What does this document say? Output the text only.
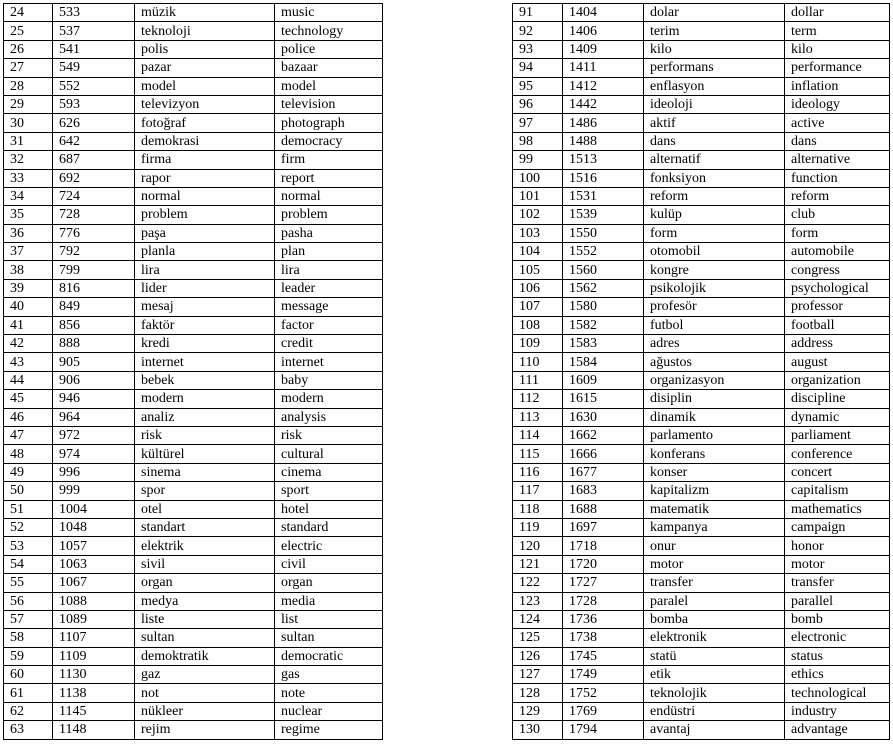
24	533	müzik	music
25	537	teknoloji	technology
26	541	polis	police
27	549	pazar	bazaar
28	552	model	model
29	593	televizyon	television
30	626	fotoğraf	photograph
31	642	demokrasi	democracy
32	687	firma	firm
33	692	rapor	report
34	724	normal	normal
35	728	problem	problem
36	776	paşa	pasha
37	792	planla	plan
38	799	lira	lira
39	816	lider	leader
40	849	mesaj	message
41	856	faktör	factor
42	888	kredi	credit
43	905	internet	internet
44	906	bebek	baby
45	946	modern	modern
46	964	analiz	analysis
47	972	risk	risk
48	974	kültürel	cultural
49	996	sinema	cinema
50	999	spor	sport
51	1004	otel	hotel
52	1048	standart	standard
53	1057	elektrik	electric
54	1063	sivil	civil
55	1067	organ	organ
56	1088	medya	media
57	1089	liste	list
58	1107	sultan	sultan
59	1109	demoktratik	democratic
60	1130	gaz	gas
61	1138	not	note
62	1145	nükleer	nuclear
63	1148	rejim	regime
91	1404	dolar	dollar
92	1406	terim	term
93	1409	kilo	kilo
94	1411	performans	performance
95	1412	enflasyon	inflation
96	1442	ideoloji	ideology
97	1486	aktif	active
98	1488	dans	dans
99	1513	alternatif	alternative
100	1516	fonksiyon	function
101	1531	reform	reform
102	1539	kulüp	club
103	1550	form	form
104	1552	otomobil	automobile
105	1560	kongre	congress
106	1562	psikolojik	psychological
107	1580	profesör	professor
108	1582	futbol	football
109	1583	adres	address
110	1584	ağustos	august
111	1609	organizasyon	organization
112	1615	disiplin	discipline
113	1630	dinamik	dynamic
114	1662	parlamento	parliament
115	1666	konferans	conference
116	1677	konser	concert
117	1683	kapitalizm	capitalism
118	1688	matematik	mathematics
119	1697	kampanya	campaign
120	1718	onur	honor
121	1720	motor	motor
122	1727	transfer	transfer
123	1728	paralel	parallel
124	1736	bomba	bomb
125	1738	elektronik	electronic
126	1745	statü	status
127	1749	etik	ethics
128	1752	teknolojik	technological
129	1769	endüstri	industry
130	1794	avantaj	advantage
